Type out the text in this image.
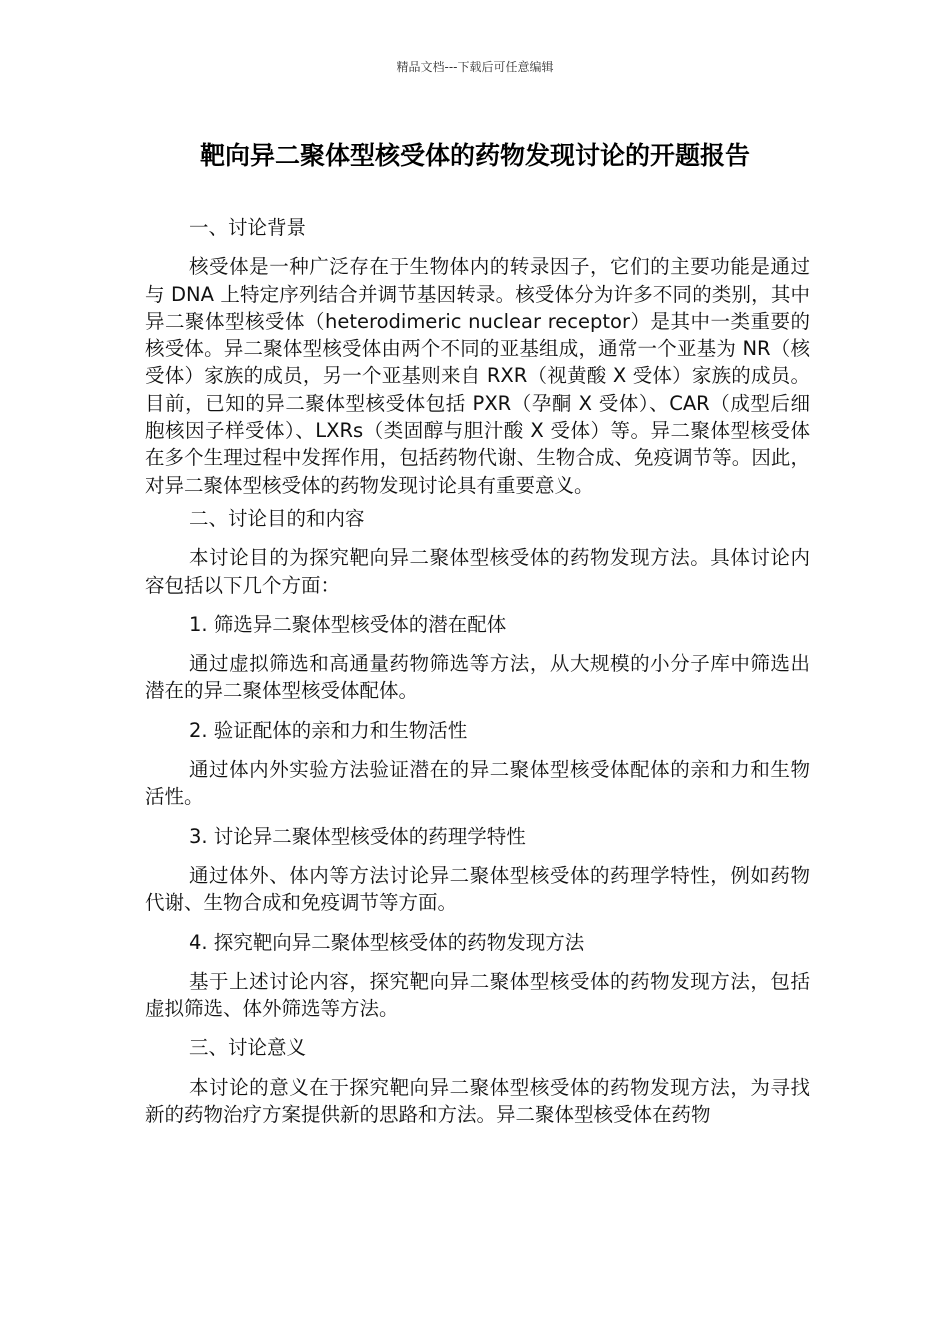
精品文档---下载后可任意编辑
靶向异二聚体型核受体的药物发现讨论的开题报告

一、讨论背景

核受体是一种广泛存在于生物体内的转录因子，它们的主要功能是通过与 DNA 上特定序列结合并调节基因转录。核受体分为许多不同的类别，其中异二聚体型核受体（heterodimeric nuclear receptor）是其中一类重要的核受体。异二聚体型核受体由两个不同的亚基组成，通常一个亚基为 NR（核受体）家族的成员，另一个亚基则来自 RXR（视黄酸 X 受体）家族的成员。目前，已知的异二聚体型核受体包括 PXR（孕酮 X 受体）、CAR（成型后细胞核因子样受体）、LXRs（类固醇与胆汁酸 X 受体）等。异二聚体型核受体在多个生理过程中发挥作用，包括药物代谢、生物合成、免疫调节等。因此，对异二聚体型核受体的药物发现讨论具有重要意义。

二、讨论目的和内容

本讨论目的为探究靶向异二聚体型核受体的药物发现方法。具体讨论内容包括以下几个方面：

1. 筛选异二聚体型核受体的潜在配体

通过虚拟筛选和高通量药物筛选等方法，从大规模的小分子库中筛选出潜在的异二聚体型核受体配体。

2. 验证配体的亲和力和生物活性

通过体内外实验方法验证潜在的异二聚体型核受体配体的亲和力和生物活性。

3. 讨论异二聚体型核受体的药理学特性

通过体外、体内等方法讨论异二聚体型核受体的药理学特性，例如药物代谢、生物合成和免疫调节等方面。

4. 探究靶向异二聚体型核受体的药物发现方法

基于上述讨论内容，探究靶向异二聚体型核受体的药物发现方法，包括虚拟筛选、体外筛选等方法。

三、讨论意义

本讨论的意义在于探究靶向异二聚体型核受体的药物发现方法，为寻找新的药物治疗方案提供新的思路和方法。异二聚体型核受体在药物
